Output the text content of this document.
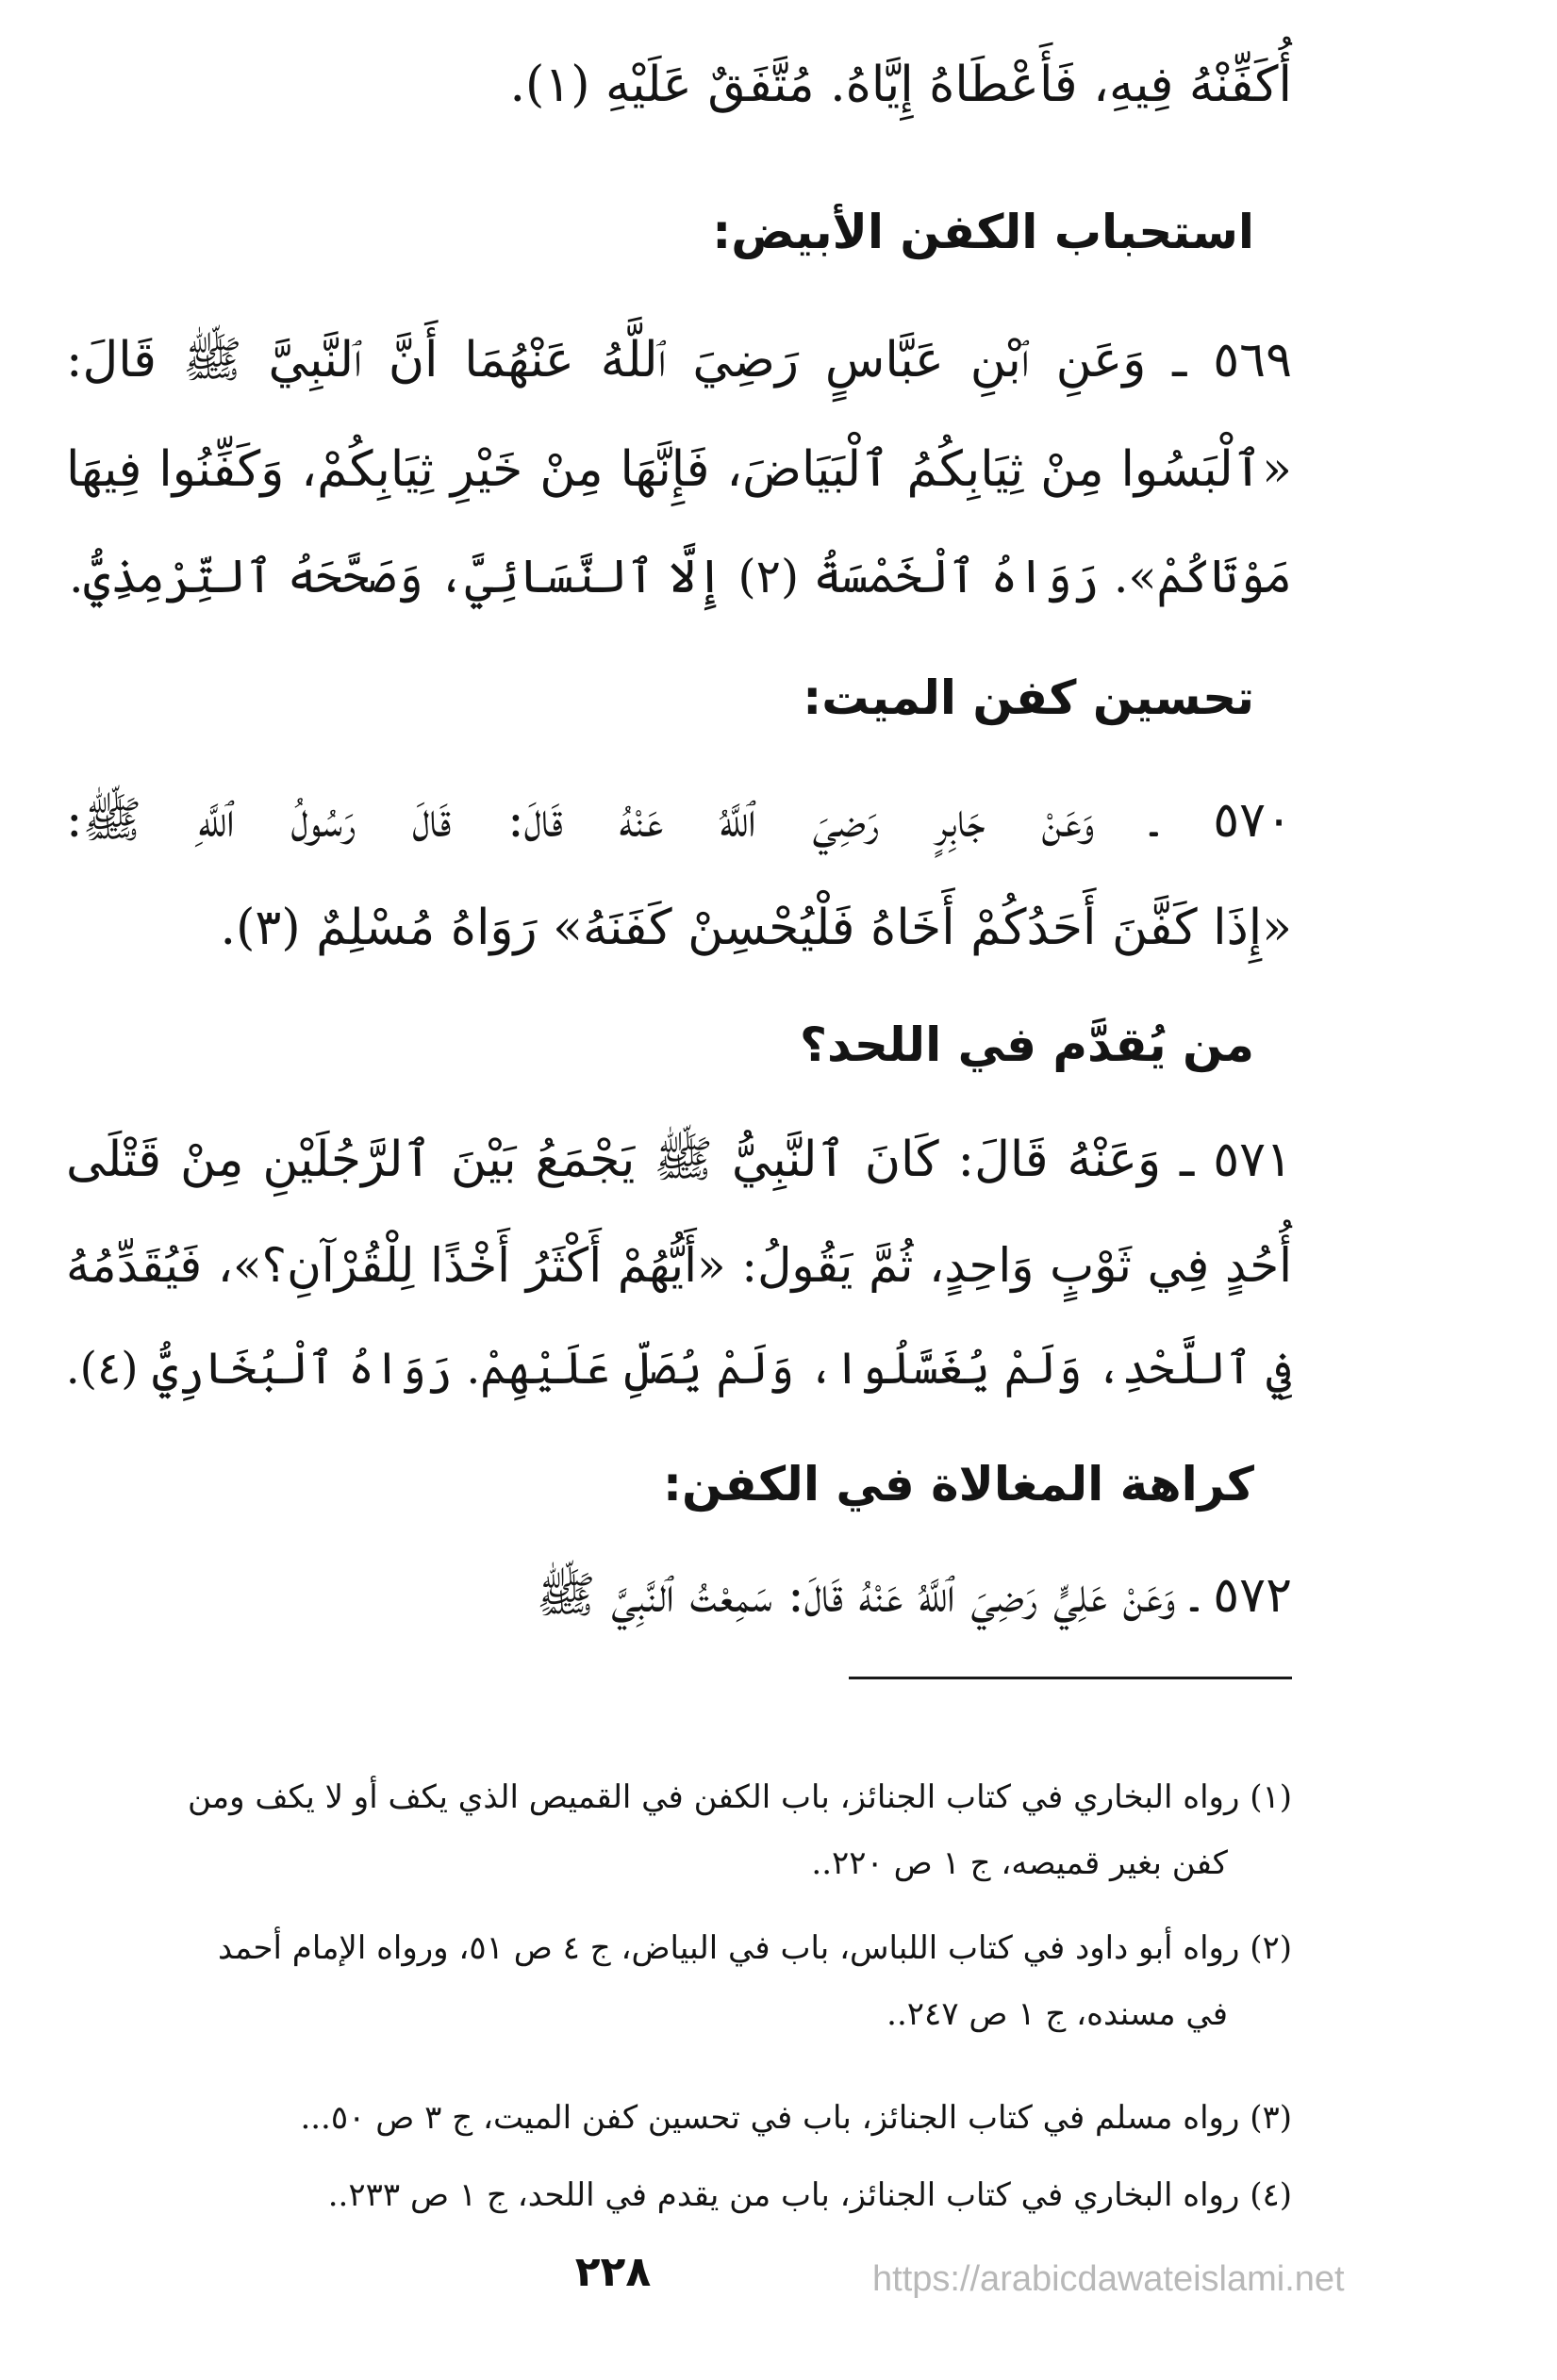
أُكَفِّنْهُ فِيهِ، فَأَعْطَاهُ إِيَّاهُ. مُتَّفَقٌ عَلَيْهِ (١).
استحباب الكفن الأبيض:
٥٦٩ ـ وَعَنِ ٱبْنِ عَبَّاسٍ رَضِيَ ٱللَّهُ عَنْهُمَا أَنَّ ٱلنَّبِيَّ ﷺ قَالَ:
«ٱلْبَسُوا مِنْ ثِيَابِكُمُ ٱلْبَيَاضَ، فَإِنَّهَا مِنْ خَيْرِ ثِيَابِكُمْ، وَكَفِّنُوا فِيهَا
مَوْتَاكُمْ». رَوَاهُ ٱلْخَمْسَةُ (٢) إِلَّا ٱلنَّسَائِيَّ، وَصَحَّحَهُ ٱلتِّرْمِذِيُّ.
تحسين كفن الميت:
٥٧٠ ـ وَعَنْ جَابِرٍ رَضِيَ ٱللَّهُ عَنْهُ قَالَ: قَالَ رَسُولُ ٱللَّهِ ﷺ:
«إِذَا كَفَّنَ أَحَدُكُمْ أَخَاهُ فَلْيُحْسِنْ كَفَنَهُ» رَوَاهُ مُسْلِمٌ (٣).
من يُقدَّم في اللحد؟
٥٧١ ـ وَعَنْهُ قَالَ: كَانَ ٱلنَّبِيُّ ﷺ يَجْمَعُ بَيْنَ ٱلرَّجُلَيْنِ مِنْ قَتْلَى
أُحُدٍ فِي ثَوْبٍ وَاحِدٍ، ثُمَّ يَقُولُ: «أَيُّهُمْ أَكْثَرُ أَخْذًا لِلْقُرْآنِ؟»، فَيُقَدِّمُهُ
فِي ٱللَّحْدِ، وَلَمْ يُغَسَّلُوا، وَلَمْ يُصَلِّ عَلَيْهِمْ. رَوَاهُ ٱلْبُخَارِيُّ (٤).
كراهة المغالاة في الكفن:
٥٧٢ ـ وَعَنْ عَلِيٍّ رَضِيَ ٱللَّهُ عَنْهُ قَالَ: سَمِعْتُ ٱلنَّبِيَّ ﷺ
(١) رواه البخاري في كتاب الجنائز، باب الكفن في القميص الذي يكف أو لا يكف ومن
كفن بغير قميصه، ج ١ ص ٢٢٠..
(٢) رواه أبو داود في كتاب اللباس، باب في البياض، ج ٤ ص ٥١، ورواه الإمام أحمد
في مسنده، ج ١ ص ٢٤٧..
(٣) رواه مسلم في كتاب الجنائز، باب في تحسين كفن الميت، ج ٣ ص ٥٠...
(٤) رواه البخاري في كتاب الجنائز، باب من يقدم في اللحد، ج ١ ص ٢٣٣..
٢٢٨	https://arabicdawateislami.net
